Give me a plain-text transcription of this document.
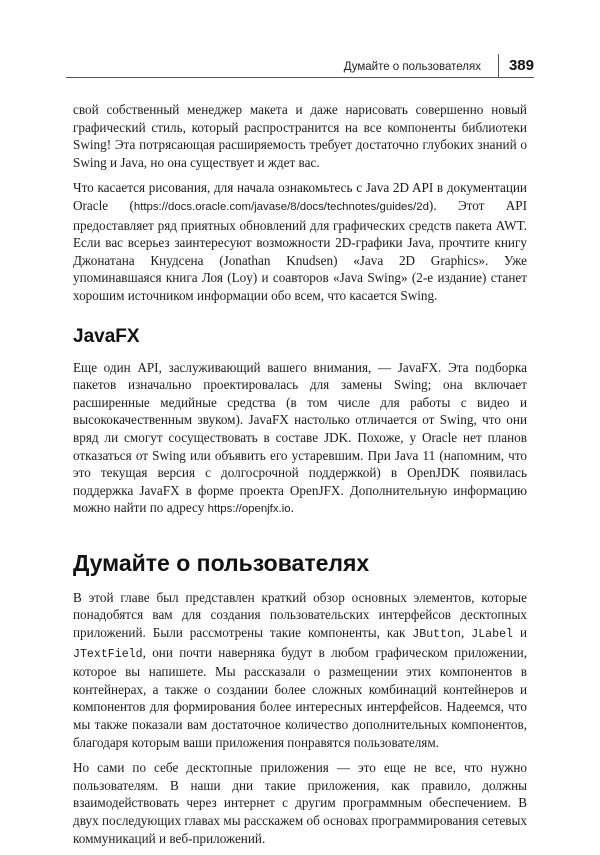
Думайте о пользователях 389

свой собственный менеджер макета и даже нарисовать совершенно новый графический стиль, который распространится на все компоненты библиотеки Swing! Эта потрясающая расширяемость требует достаточно глубоких знаний о Swing и Java, но она существует и ждет вас.

Что касается рисования, для начала ознакомьтесь с Java 2D API в документации Oracle (https://docs.oracle.com/javase/8/docs/technotes/guides/2d). Этот API предоставляет ряд приятных обновлений для графических средств пакета AWT. Если вас всерьез заинтересуют возможности 2D-графики Java, прочтите книгу Джонатана Кнудсена (Jonathan Knudsen) «Java 2D Graphics». Уже упоминавшаяся книга Лоя (Loy) и соавторов «Java Swing» (2-е издание) станет хорошим источником информации обо всем, что касается Swing.

JavaFX

Еще один API, заслуживающий вашего внимания, — JavaFX. Эта подборка пакетов изначально проектировалась для замены Swing; она включает расширенные медийные средства (в том числе для работы с видео и высококачественным звуком). JavaFX настолько отличается от Swing, что они вряд ли смогут сосуществовать в составе JDK. Похоже, у Oracle нет планов отказаться от Swing или объявить его устаревшим. При Java 11 (напомним, что это текущая версия с долгосрочной поддержкой) в OpenJDK появилась поддержка JavaFX в форме проекта OpenJFX. Дополнительную информацию можно найти по адресу https://openjfx.io.

Думайте о пользователях

В этой главе был представлен краткий обзор основных элементов, которые понадобятся вам для создания пользовательских интерфейсов десктопных приложений. Были рассмотрены такие компоненты, как JButton, JLabel и JTextField, они почти наверняка будут в любом графическом приложении, которое вы напишете. Мы рассказали о размещении этих компонентов в контейнерах, а также о создании более сложных комбинаций контейнеров и компонентов для формирования более интересных интерфейсов. Надеемся, что мы также показали вам достаточное количество дополнительных компонентов, благодаря которым ваши приложения понравятся пользователям.

Но сами по себе десктопные приложения — это еще не все, что нужно пользователям. В наши дни такие приложения, как правило, должны взаимодействовать через интернет с другим программным обеспечением. В двух последующих главах мы расскажем об основах программирования сетевых коммуникаций и веб-приложений.
